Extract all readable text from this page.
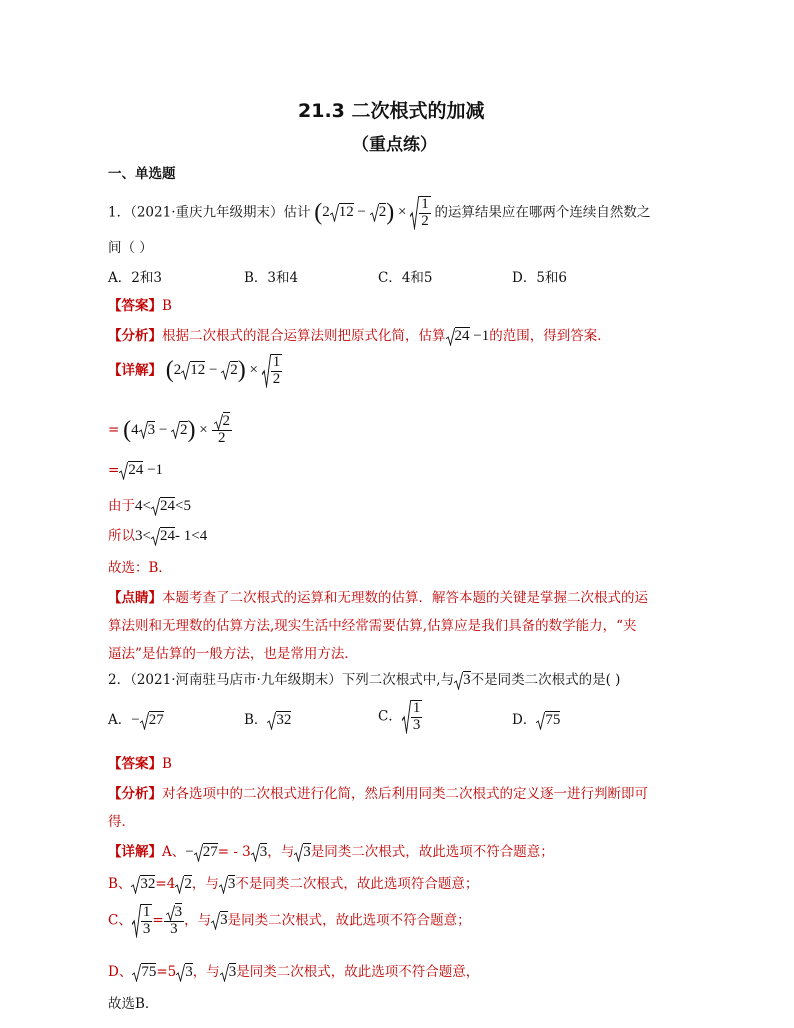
21.3 二次根式的加减
（重点练）
一、单选题
1．（2021·重庆九年级期末）估计 (2 $12 - 2) \times \frac{1}{2}$ 的运算结果应在哪两个连续自然数之
间（ ）
A．2和3	B．3和4	C．4和5	D．5和6
【答案】B
【分析】根据二次根式的混合运算法则把原式化简，估算 24 −1的范围，得到答案．
【详解】 (2 $12 - 2) \times \frac{1}{2}$
= (4 $3 - 2) \times \frac{2}{2}$
= 24 −1
由于4< 24<5
所以3< 24- 1<4
故选：B．
【点睛】本题考查了二次根式的运算和无理数的估算．解答本题的关键是掌握二次根式的运
算法则和无理数的估算方法,现实生活中经常需要估算,估算应是我们具备的数学能力，“夹
逼法”是估算的一般方法，也是常用方法．
2．（2021·河南驻马店市·九年级期末）下列二次根式中,与 3不是同类二次根式的是( )
A．− 27	B． 32	C． $\frac{1}{3}$	D． 75
【答案】B
【分析】对各选项中的二次根式进行化简，然后利用同类二次根式的定义逐一进行判断即可
得．
【详解】A、− 27= - 3 3，与 3是同类二次根式，故此选项不符合题意；
B、 32=4 2，与 3不是同类二次根式，故此选项符合题意；
C、 $\frac{1}{3} = \frac{3}{3}$ ，与 3是同类二次根式，故此选项不符合题意；
D、 75=5 3，与 3是同类二次根式，故此选项不符合题意，
故选B．
